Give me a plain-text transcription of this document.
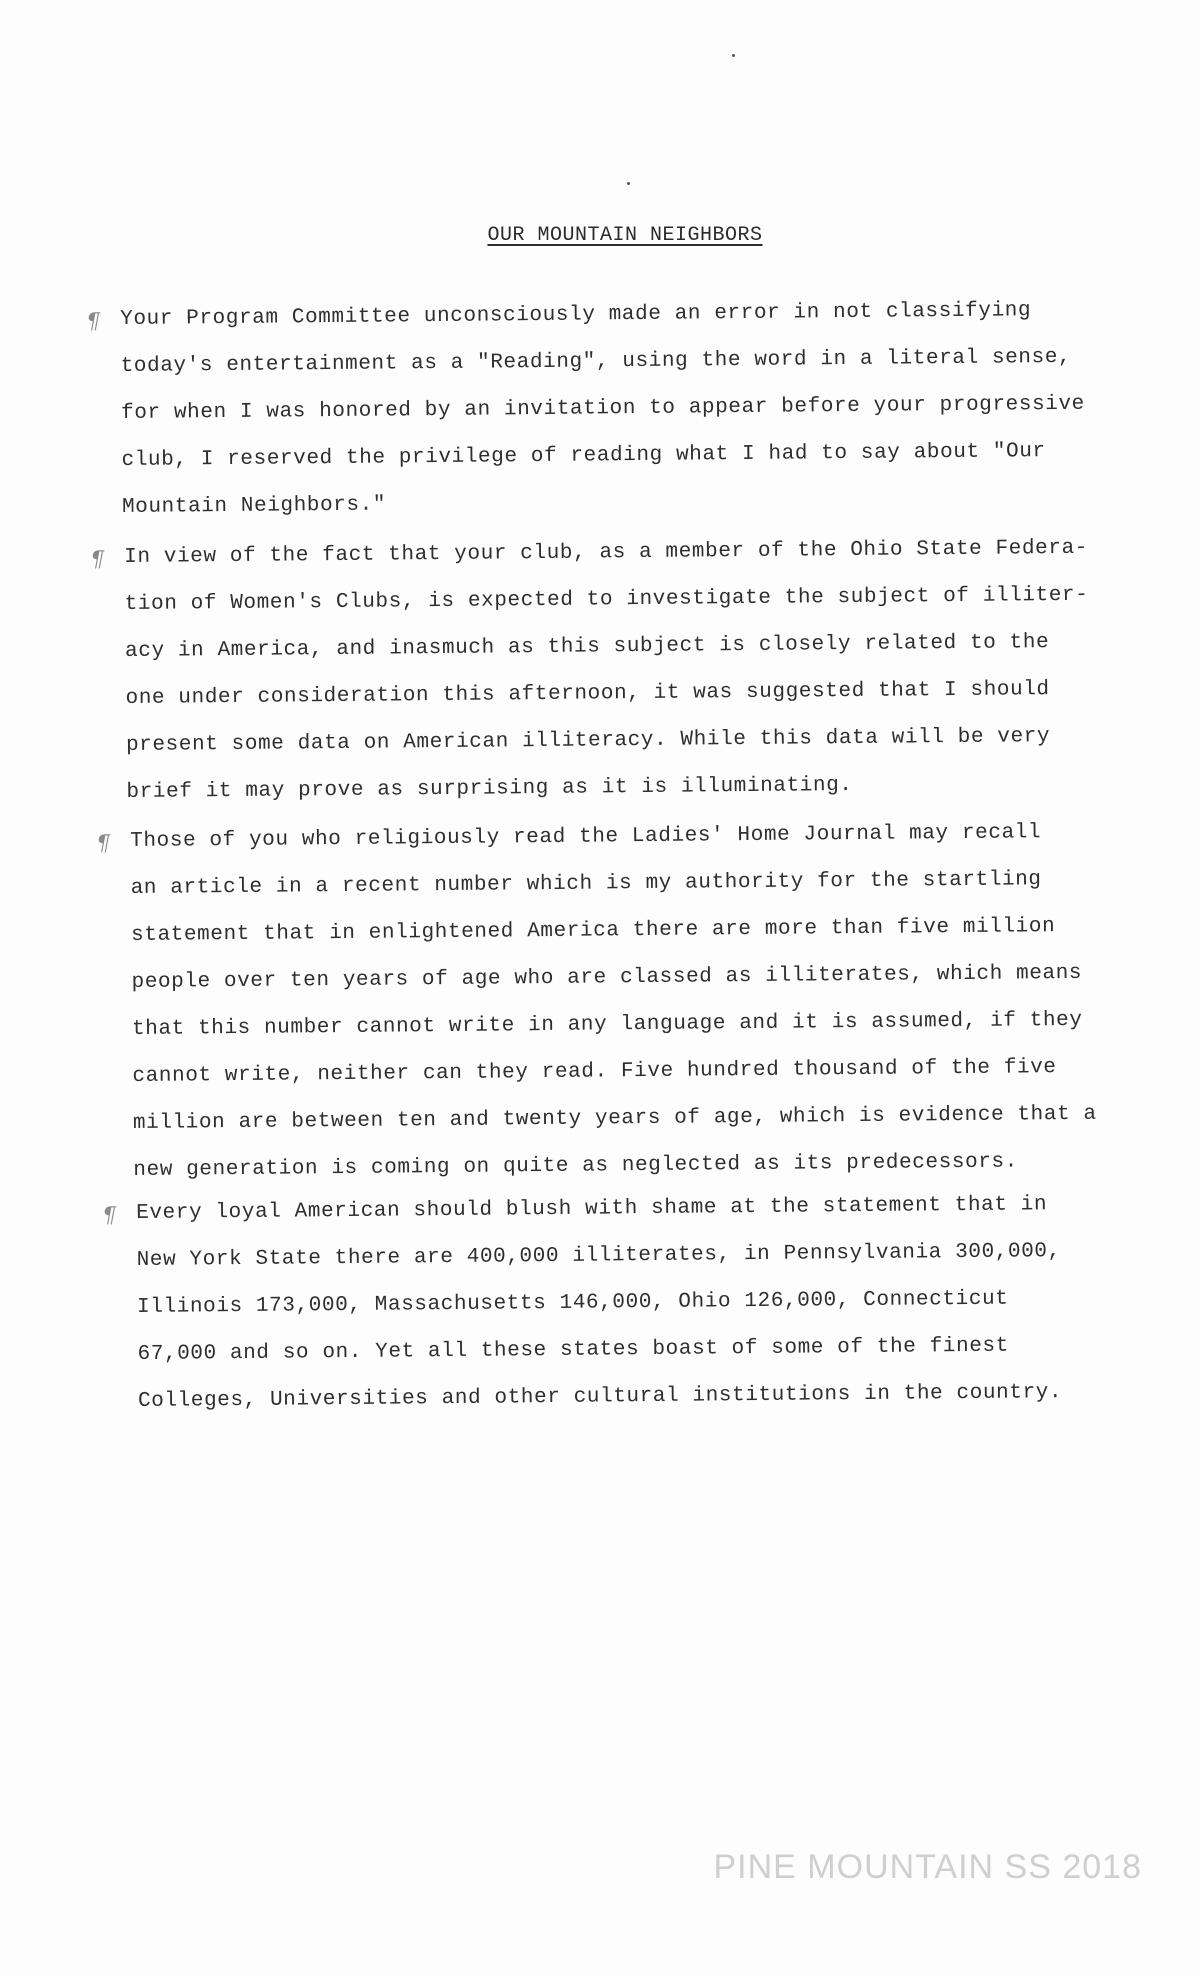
OUR MOUNTAIN NEIGHBORS
¶ Your Program Committee unconsciously made an error in not classifying
today's entertainment as a "Reading", using the word in a literal sense,
for when I was honored by an invitation to appear before your progressive
club, I reserved the privilege of reading what I had to say about "Our
Mountain Neighbors."
¶ In view of the fact that your club, as a member of the Ohio State Federa-
tion of Women's Clubs, is expected to investigate the subject of illiter-
acy in America, and inasmuch as this subject is closely related to the
one under consideration this afternoon, it was suggested that I should
present some data on American illiteracy. While this data will be very
brief it may prove as surprising as it is illuminating.
¶ Those of you who religiously read the Ladies' Home Journal may recall
an article in a recent number which is my authority for the startling
statement that in enlightened America there are more than five million
people over ten years of age who are classed as illiterates, which means
that this number cannot write in any language and it is assumed, if they
cannot write, neither can they read. Five hundred thousand of the five
million are between ten and twenty years of age, which is evidence that a
new generation is coming on quite as neglected as its predecessors.
¶ Every loyal American should blush with shame at the statement that in
New York State there are 400,000 illiterates, in Pennsylvania 300,000,
Illinois 173,000, Massachusetts 146,000, Ohio 126,000, Connecticut
67,000 and so on. Yet all these states boast of some of the finest
Colleges, Universities and other cultural institutions in the country.
PINE MOUNTAIN SS 2018
